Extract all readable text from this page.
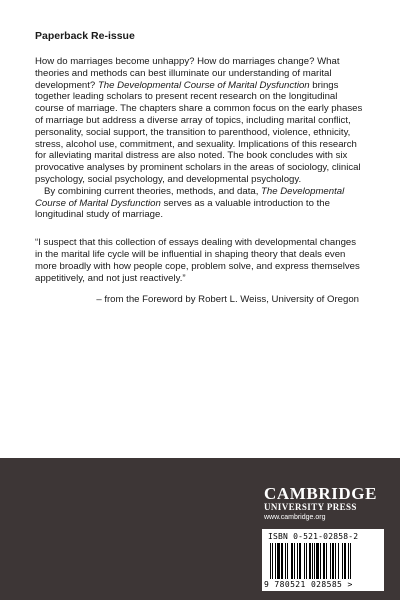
Paperback Re-issue

How do marriages become unhappy? How do marriages change? What theories and methods can best illuminate our understanding of marital development? The Developmental Course of Marital Dysfunction brings together leading scholars to present recent research on the longitudinal course of marriage. The chapters share a common focus on the early phases of marriage but address a diverse array of topics, including marital conflict, personality, social support, the transition to parenthood, violence, ethnicity, stress, alcohol use, commitment, and sexuality. Implications of this research for alleviating marital distress are also noted. The book concludes with six provocative analyses by prominent scholars in the areas of sociology, clinical psychology, social psychology, and developmental psychology.

By combining current theories, methods, and data, The Developmental Course of Marital Dysfunction serves as a valuable introduction to the longitudinal study of marriage.

“I suspect that this collection of essays dealing with developmental changes in the marital life cycle will be influential in shaping theory that deals even more broadly with how people cope, problem solve, and express themselves appetitively, and not just reactively.”

– from the Foreword by Robert L. Weiss, University of Oregon

CAMBRIDGE
UNIVERSITY PRESS
www.cambridge.org
ISBN 0-521-02858-2
9 780521 028585 >
